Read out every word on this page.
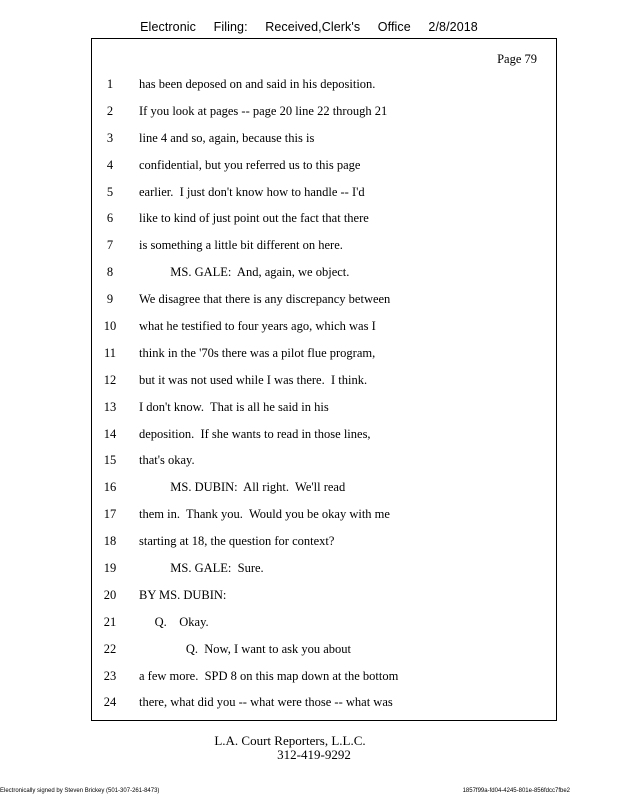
Electronic Filing: Received,Clerk's Office 2/8/2018
Page 79
1	has been deposed on and said in his deposition.
2	If you look at pages -- page 20 line 22 through 21
3	line 4 and so, again, because this is
4	confidential, but you referred us to this page
5	earlier.  I just don't know how to handle -- I'd
6	like to kind of just point out the fact that there
7	is something a little bit different on here.
8	MS. GALE:  And, again, we object.
9	We disagree that there is any discrepancy between
10	what he testified to four years ago, which was I
11	think in the '70s there was a pilot flue program,
12	but it was not used while I was there.  I think.
13	I don't know.  That is all he said in his
14	deposition.  If she wants to read in those lines,
15	that's okay.
16	MS. DUBIN:  All right.  We'll read
17	them in.  Thank you.  Would you be okay with me
18	starting at 18, the question for context?
19	MS. GALE:  Sure.
20	BY MS. DUBIN:
21	Q.    Okay.
22	Q.  Now, I want to ask you about
23	a few more.  SPD 8 on this map down at the bottom
24	there, what did you -- what were those -- what was
L.A. Court Reporters, L.L.C.
312-419-9292
Electronically signed by Steven Brickey (501-307-261-8473)	1857f99a-fd04-4245-801e-856fdcc7fbe2
